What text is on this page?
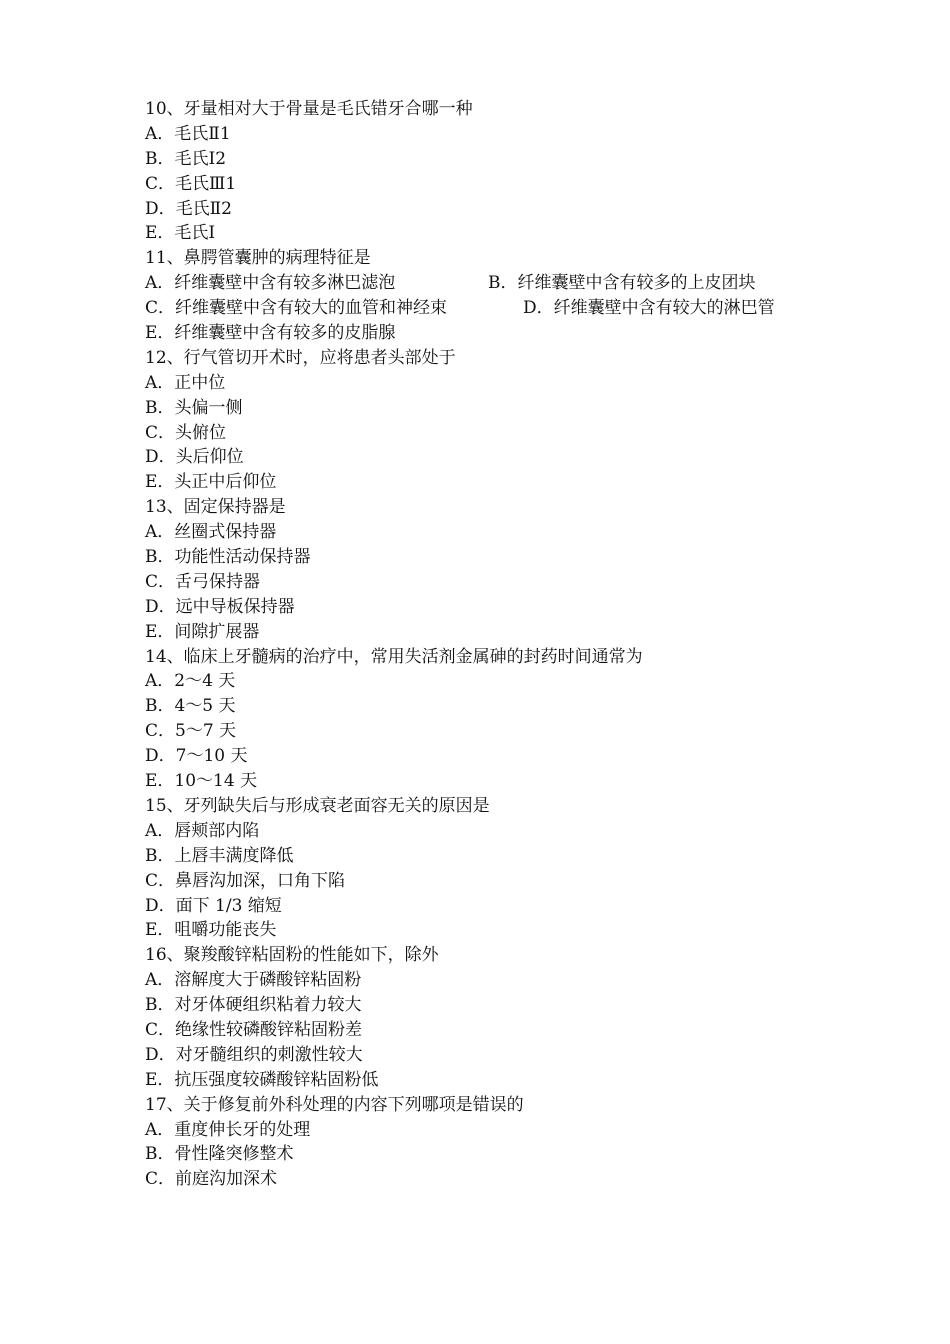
10、牙量相对大于骨量是毛氏错牙合哪一种
A．毛氏Ⅱ1
B．毛氏Ⅰ2
C．毛氏Ⅲ1
D．毛氏Ⅱ2
E．毛氏Ⅰ
11、鼻腭管囊肿的病理特征是
A．纤维囊壁中含有较多淋巴滤泡	B．纤维囊壁中含有较多的上皮团块
C．纤维囊壁中含有较大的血管和神经束	D．纤维囊壁中含有较大的淋巴管
E．纤维囊壁中含有较多的皮脂腺
12、行气管切开术时，应将患者头部处于
A．正中位
B．头偏一侧
C．头俯位
D．头后仰位
E．头正中后仰位
13、固定保持器是
A．丝圈式保持器
B．功能性活动保持器
C．舌弓保持器
D．远中导板保持器
E．间隙扩展器
14、临床上牙髓病的治疗中，常用失活剂金属砷的封药时间通常为
A．2～4 天
B．4～5 天
C．5～7 天
D．7～10 天
E．10～14 天
15、牙列缺失后与形成衰老面容无关的原因是
A．唇颊部内陷
B．上唇丰满度降低
C．鼻唇沟加深，口角下陷
D．面下 1/3 缩短
E．咀嚼功能丧失
16、聚羧酸锌粘固粉的性能如下，除外
A．溶解度大于磷酸锌粘固粉
B．对牙体硬组织粘着力较大
C．绝缘性较磷酸锌粘固粉差
D．对牙髓组织的刺激性较大
E．抗压强度较磷酸锌粘固粉低
17、关于修复前外科处理的内容下列哪项是错误的
A．重度伸长牙的处理
B．骨性隆突修整术
C．前庭沟加深术
